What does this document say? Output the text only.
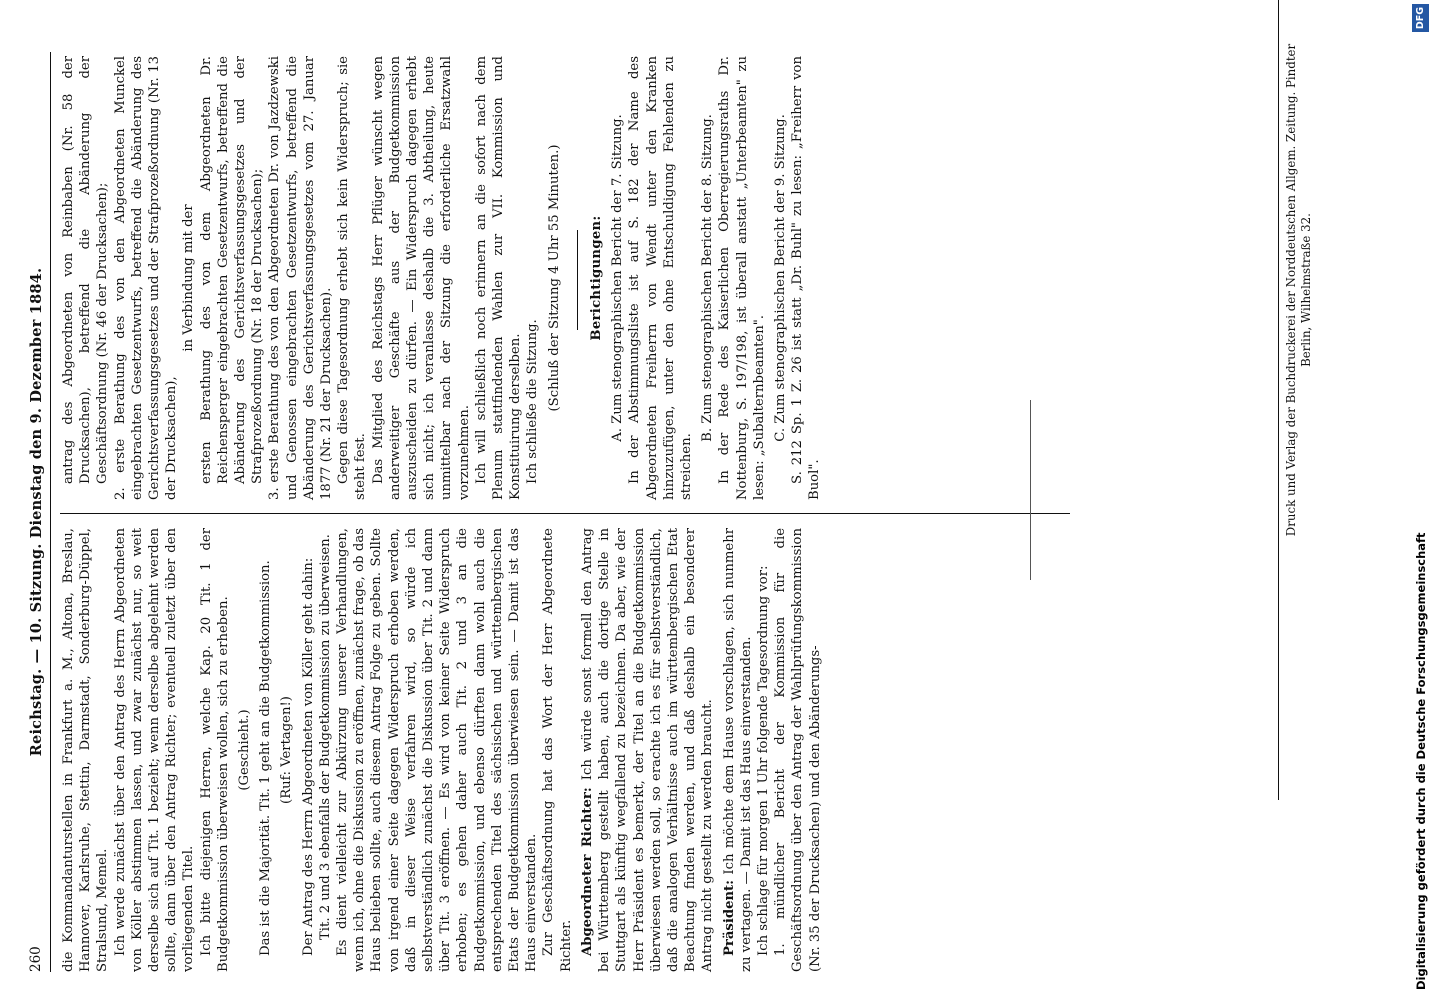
260
Reichstag. — 10. Sitzung. Dienstag den 9. Dezember 1884. die Kommandanturstellen in Frankfurt a. M., Altona, Breslau, Hannover, Karlsruhe, Stettin, Darmstadt, Sonderburg-Düppel, Stralsund, Memel. Ich werde zunächst über den Antrag des Herrn Abgeordneten von Köller abstimmen lassen, und zwar zunächst nur, so weit derselbe sich auf Tit. 1 bezieht; wenn derselbe abgelehnt werden sollte, dann über den Antrag Richter; eventuell zuletzt über den vorliegenden Titel. Ich bitte diejenigen Herren, welche Kap. 20 Tit. 1 der Budgetkommission überweisen wollen, sich zu erheben. (Geschieht.) Das ist die Majorität. Tit. 1 geht an die Budgetkommission. (Ruf: Vertagen!) Der Antrag des Herrn Abgeordneten von Köller geht dahin: Tit. 2 und 3 ebenfalls der Budgetkommission zu überweisen. Es dient vielleicht zur Abkürzung unserer Verhandlungen, wenn ich, ohne die Diskussion zu eröffnen, zunächst frage, ob das Haus belieben sollte, auch diesem Antrag Folge zu geben. Sollte von irgend einer Seite dagegen Widerspruch erhoben werden, daß in dieser Weise verfahren wird, so würde ich selbstverständlich zunächst die Diskussion über Tit. 2 und dann über Tit. 3 eröffnen. — Es wird von keiner Seite Widerspruch erhoben; es gehen daher auch Tit. 2 und 3 an die Budgetkommission, und ebenso dürften dann wohl auch die entsprechenden Titel des sächsischen und württembergischen Etats der Budgetkommission überwiesen sein. — Damit ist das Haus einverstanden. Zur Geschäftsordnung hat das Wort der Herr Abgeordnete Richter. Abgeordneter Richter: Ich würde sonst formell den Antrag bei Württemberg gestellt haben, auch die dortige Stelle in Stuttgart als künftig wegfallend zu bezeichnen. Da aber, wie der Herr Präsident es bemerkt, der Titel an die Budgetkommission überwiesen werden soll, so erachte ich es für selbstverständlich, daß die analogen Verhältnisse auch im württembergischen Etat Beachtung finden werden, und daß deshalb ein besonderer Antrag nicht gestellt zu werden braucht. Präsident: Ich möchte dem Hause vorschlagen, sich nunmehr zu vertagen. — Damit ist das Haus einverstanden. Ich schlage für morgen 1 Uhr folgende Tagesordnung vor: 1. mündlicher Bericht der Kommission für die Geschäftsordnung über den Antrag der Wahlprüfungskommission (Nr. 35 der Drucksachen) und den Abänderungs-

antrag des Abgeordneten von Reinbaben (Nr. 58 der Drucksachen), betreffend die Abänderung der Geschäftsordnung (Nr. 46 der Drucksachen); 2. erste Berathung des von den Abgeordneten Munckel eingebrachten Gesetzentwurfs, betreffend die Abänderung des Gerichtsverfassungsgesetzes und der Strafprozeßordnung (Nr. 13 der Drucksachen),

in Verbindung mit der ersten Berathung des von dem Abgeordneten Dr. Reichensperger eingebrachten Gesetzentwurfs, betreffend die Abänderung des Gerichtsverfassungsgesetzes und der Strafprozeßordnung (Nr. 18 der Drucksachen); 3. erste Berathung des von den Abgeordneten Dr. von Jazdzewski und Genossen eingebrachten Gesetzentwurfs, betreffend die Abänderung des Gerichtsverfassungsgesetzes vom 27. Januar 1877 (Nr. 21 der Drucksachen). Gegen diese Tagesordnung erhebt sich kein Widerspruch; sie steht fest. Das Mitglied des Reichstags Herr Pflüger wünscht wegen anderweitiger Geschäfte aus der Budgetkommission auszuscheiden zu dürfen. — Ein Widerspruch dagegen erhebt sich nicht; ich veranlasse deshalb die 3. Abtheilung, heute unmittelbar nach der Sitzung die erforderliche Ersatzwahl vorzunehmen. Ich will schließlich noch erinnern an die sofort nach dem Plenum stattfindenden Wahlen zur VII. Kommission und Konstituirung derselben. Ich schließe die Sitzung. (Schluß der Sitzung 4 Uhr 55 Minuten.) Berichtigungen: A. Zum stenographischen Bericht der 7. Sitzung. In der Abstimmungsliste ist auf S. 182 der Name des Abgeordneten Freiherrn von Wendt unter den Kranken hinzuzufügen, unter den ohne Entschuldigung Fehlenden zu streichen.

B. Zum stenographischen Bericht der 8. Sitzung. In der Rede des Kaiserlichen Oberregierungsraths Dr. Nottenburg, S. 197/198, ist überall anstatt „Unterbeamten" zu lesen: „Subalternbeamten". C. Zum stenographischen Bericht der 9. Sitzung. S. 212 Sp. 1 Z. 26 ist statt „Dr. Buhl" zu lesen: „Freiherr von Buol".	Druck und Verlag der Buchdruckerei der Norddeutschen Allgem. Zeitung. Pindter Berlin, Wilhelmstraße 32.
Digitalisierung gefördert durch die Deutsche Forschungsgemeinschaft
DFG
